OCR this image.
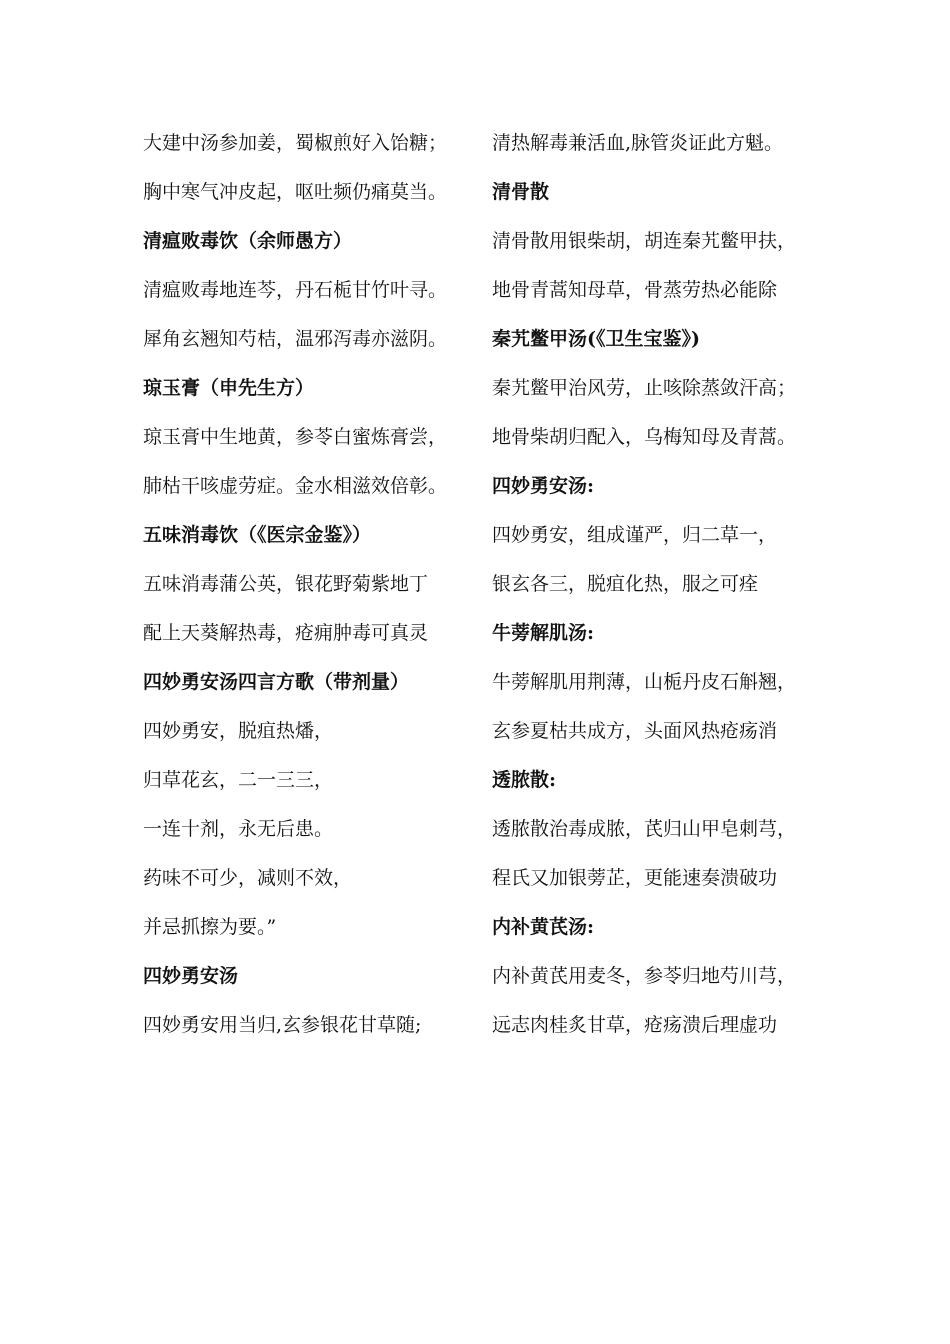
大建中汤参加姜，蜀椒煎好入饴糖；
胸中寒气冲皮起，呕吐频仍痛莫当。
清瘟败毒饮（余师愚方）
清瘟败毒地连芩，丹石栀甘竹叶寻。
犀角玄翘知芍桔，温邪泻毒亦滋阴。
琼玉膏（申先生方）
琼玉膏中生地黄，参苓白蜜炼膏尝，
肺枯干咳虚劳症。金水相滋效倍彰。
五味消毒饮（《医宗金鉴》）
五味消毒蒲公英，银花野菊紫地丁
配上天葵解热毒，疮痈肿毒可真灵
四妙勇安汤四言方歌（带剂量）
四妙勇安，脱疽热燔，
归草花玄，二一三三，
一连十剂，永无后患。
药味不可少，减则不效，
并忌抓擦为要。”
四妙勇安汤
四妙勇安用当归,玄参银花甘草随;
清热解毒兼活血,脉管炎证此方魁。
清骨散
清骨散用银柴胡，胡连秦艽鳖甲扶，
地骨青蒿知母草，骨蒸劳热必能除
秦艽鳖甲汤(《卫生宝鉴》)
秦艽鳖甲治风劳，止咳除蒸敛汗高；
地骨柴胡归配入，乌梅知母及青蒿。
四妙勇安汤:
四妙勇安，组成谨严，归二草一，
银玄各三，脱疽化热，服之可痊
牛蒡解肌汤:
牛蒡解肌用荆薄，山栀丹皮石斛翘，
玄参夏枯共成方，头面风热疮疡消
透脓散:
透脓散治毒成脓，芪归山甲皂刺芎，
程氏又加银蒡芷，更能速奏溃破功
内补黄芪汤:
内补黄芪用麦冬，参苓归地芍川芎，
远志肉桂炙甘草，疮疡溃后理虚功
